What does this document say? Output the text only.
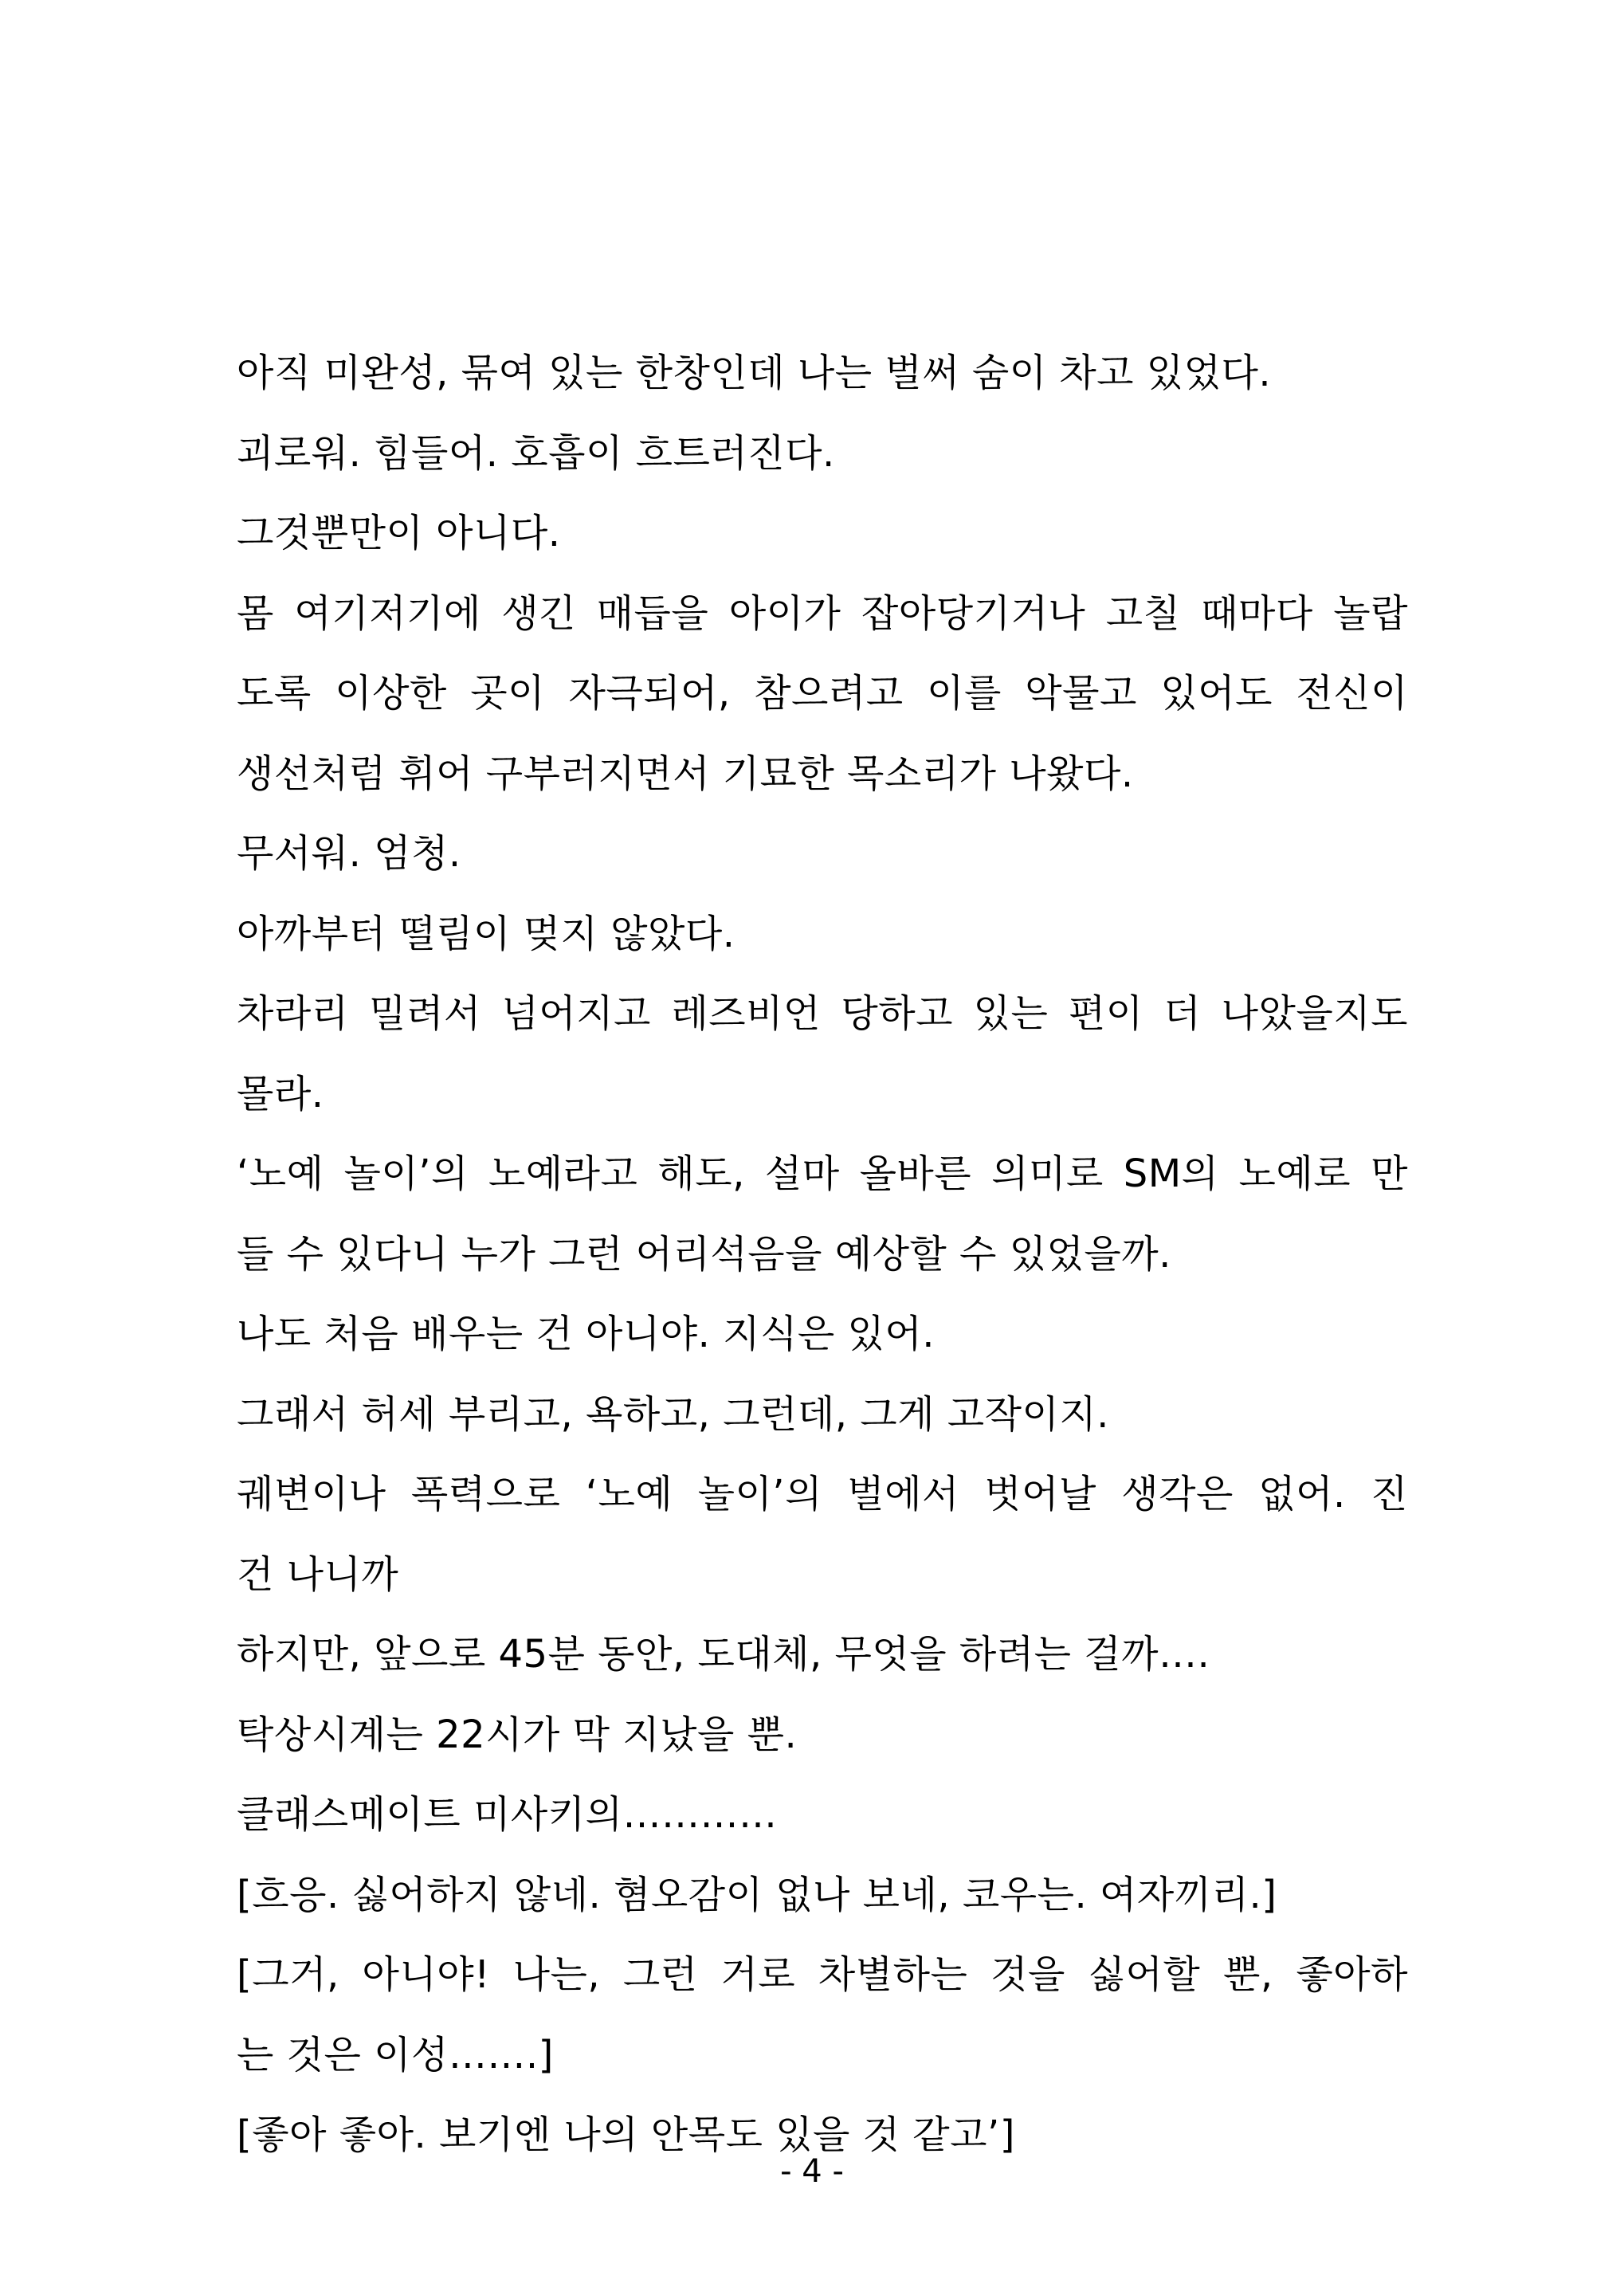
아직 미완성, 묶여 있는 한창인데 나는 벌써 숨이 차고 있었다.
괴로워. 힘들어. 호흡이 흐트러진다.
그것뿐만이 아니다.
몸 여기저기에 생긴 매듭을 아이가 잡아당기거나 고칠 때마다 놀랍
도록 이상한 곳이 자극되어, 참으려고 이를 악물고 있어도 전신이
생선처럼 휘어 구부러지면서 기묘한 목소리가 나왔다.
무서워. 엄청.
아까부터 떨림이 멎지 않았다.
차라리 밀려서 넘어지고 레즈비언 당하고 있는 편이 더 나았을지도
몰라.
‘노예 놀이’의 노예라고 해도, 설마 올바른 의미로 SM의 노예로 만
들 수 있다니 누가 그런 어리석음을 예상할 수 있었을까.
나도 처음 배우는 건 아니야. 지식은 있어.
그래서 허세 부리고, 욕하고, 그런데, 그게 고작이지.
궤변이나 폭력으로 ‘노예 놀이’의 벌에서 벗어날 생각은 없어. 진
건 나니까
하지만, 앞으로 45분 동안, 도대체, 무엇을 하려는 걸까….
탁상시계는 22시가 막 지났을 뿐.
클래스메이트 미사키의…………
[흐응. 싫어하지 않네. 혐오감이 없나 보네, 코우는. 여자끼리.]
[그거, 아니야! 나는, 그런 거로 차별하는 것을 싫어할 뿐, 좋아하
는 것은 이성…….]
[좋아 좋아. 보기엔 나의 안목도 있을 것 같고’]
- 4 -
